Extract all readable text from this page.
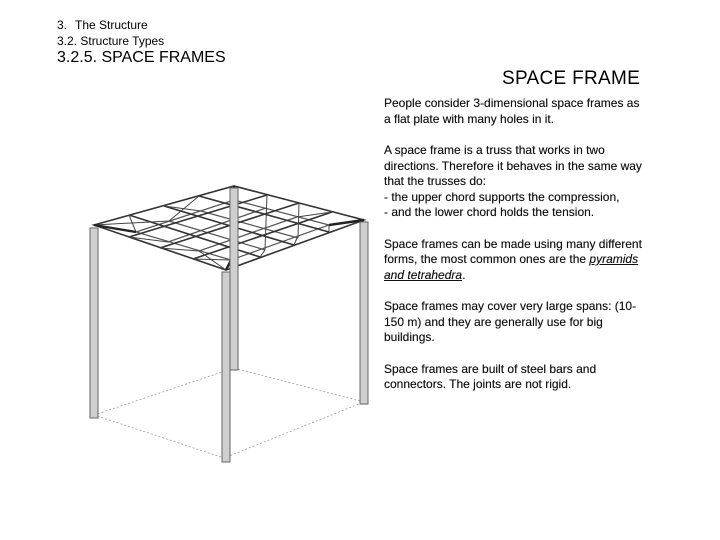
3. The Structure
3.2. Structure Types
3.2.5. SPACE FRAMES
SPACE FRAME

People consider 3-dimensional space frames as a flat plate with many holes in it.

A space frame is a truss that works in two directions. Therefore it behaves in the same way that the trusses do:
- the upper chord supports the compression,
- and the lower chord holds the tension.

Space frames can be made using many different forms, the most common ones are the pyramids and tetrahedra.

Space frames may cover very large spans: (10-150 m) and they are generally use for big buildings.

Space frames are built of steel bars and connectors. The joints are not rigid.
